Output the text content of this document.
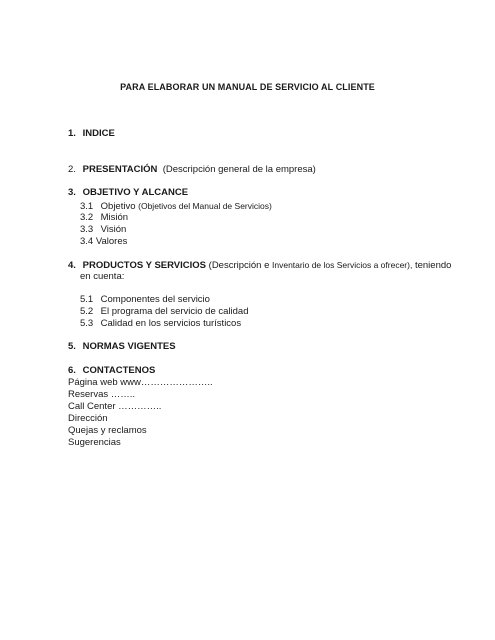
PARA ELABORAR UN MANUAL DE SERVICIO AL CLIENTE
1. INDICE
2. PRESENTACIÓN (Descripción general de la empresa)
3. OBJETIVO Y ALCANCE
3.1 Objetivo (Objetivos del Manual de Servicios)
3.2 Misión
3.3 Visión
3.4 Valores
4. PRODUCTOS Y SERVICIOS (Descripción e Inventario de los Servicios a ofrecer), teniendo
en cuenta:
5.1 Componentes del servicio
5.2 El programa del servicio de calidad
5.3 Calidad en los servicios turísticos
5. NORMAS VIGENTES
6. CONTACTENOS
Página web www…………………..
Reservas ……..
Call Center …………..
Dirección
Quejas y reclamos
Sugerencias
